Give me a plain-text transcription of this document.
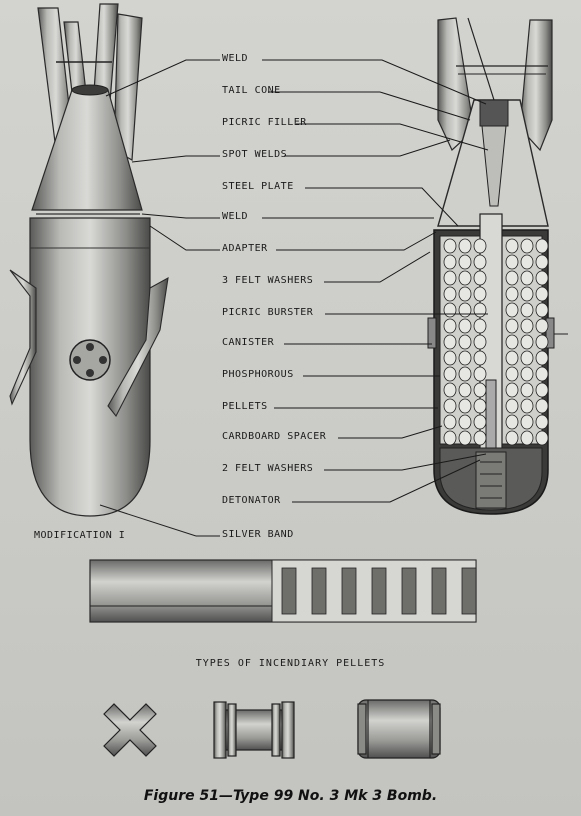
WELD
TAIL CONE
PICRIC FILLER
SPOT WELDS
STEEL PLATE
WELD
ADAPTER
3 FELT WASHERS
PICRIC BURSTER
CANISTER
PHOSPHOROUS
PELLETS
CARDBOARD SPACER
2 FELT WASHERS
DETONATOR
SILVER BAND
MODIFICATION I
TYPES OF INCENDIARY PELLETS
Figure 51—Type 99 No. 3 Mk 3 Bomb.
